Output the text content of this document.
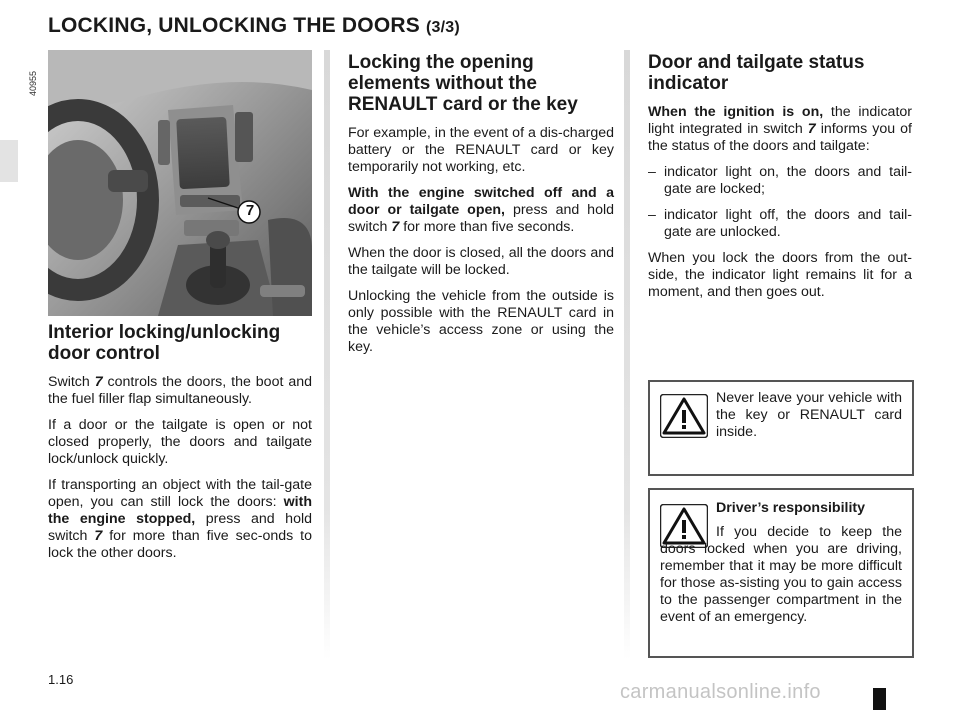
LOCKING, UNLOCKING THE DOORS (3/3)
40955
7
Interior locking/unlocking door control

Switch 7 controls the doors, the boot and the fuel filler flap simultaneously.

If a door or the tailgate is open or not closed properly, the doors and tailgate lock/unlock quickly.

If transporting an object with the tail-gate open, you can still lock the doors: with the engine stopped, press and hold switch 7 for more than five sec-onds to lock the other doors.

Locking the opening elements without the RENAULT card or the key

For example, in the event of a dis-charged battery or the RENAULT card or key temporarily not working, etc.

With the engine switched off and a door or tailgate open, press and hold switch 7 for more than five seconds.

When the door is closed, all the doors and the tailgate will be locked.

Unlocking the vehicle from the outside is only possible with the RENAULT card in the vehicle’s access zone or using the key.

Door and tailgate status indicator

When the ignition is on, the indicator light integrated in switch 7 informs you of the status of the doors and tailgate:

– indicator light on, the doors and tail-gate are locked;
– indicator light off, the doors and tail-gate are unlocked.

When you lock the doors from the out-side, the indicator light remains lit for a moment, and then goes out.

Never leave your vehicle with the key or RENAULT card inside.
Driver’s responsibility
If you decide to keep the doors locked when you are driving, remember that it may be more difficult for those as-sisting you to gain access to the passenger compartment in the event of an emergency.
1.16
carmanualsonline.info
